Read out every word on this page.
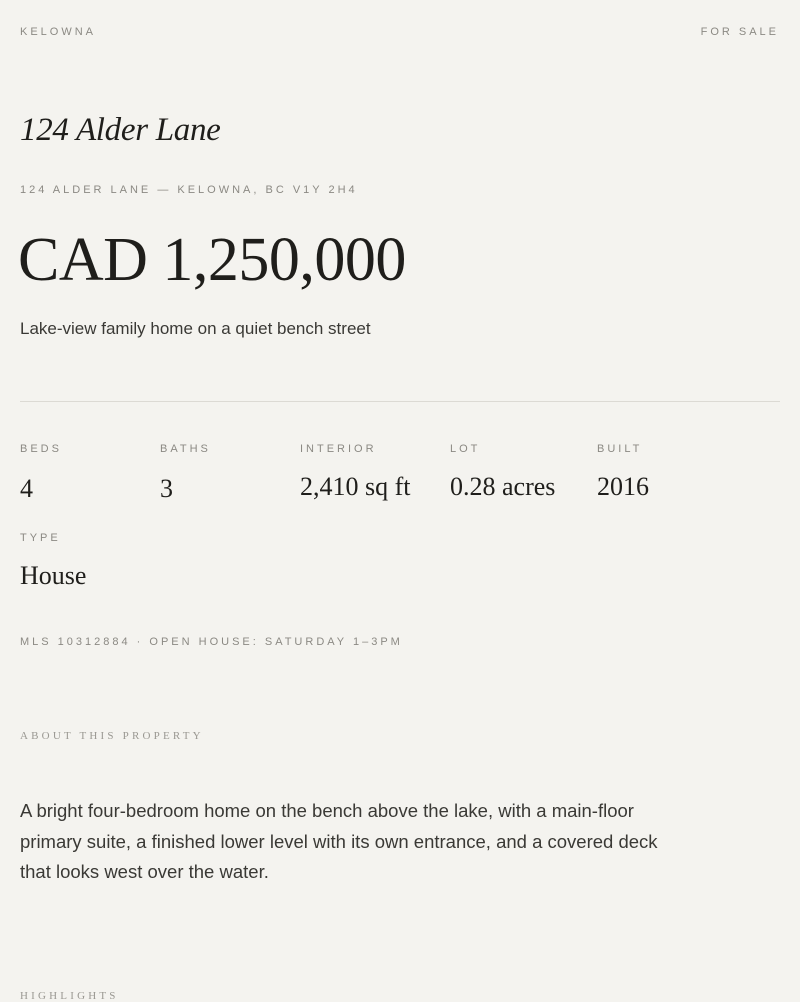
KELOWNA	FOR SALE
124 Alder Lane
124 ALDER LANE — KELOWNA, BC V1Y 2H4
CAD 1,250,000
Lake-view family home on a quiet bench street
BEDS
4
BATHS
3
INTERIOR
2,410 sq ft
LOT
0.28 acres
BUILT
2016
TYPE
House
MLS 10312884 · OPEN HOUSE: SATURDAY 1–3PM
ABOUT THIS PROPERTY
A bright four-bedroom home on the bench above the lake, with a main-floor primary suite, a finished lower level with its own entrance, and a covered deck that looks west over the water.
HIGHLIGHTS
